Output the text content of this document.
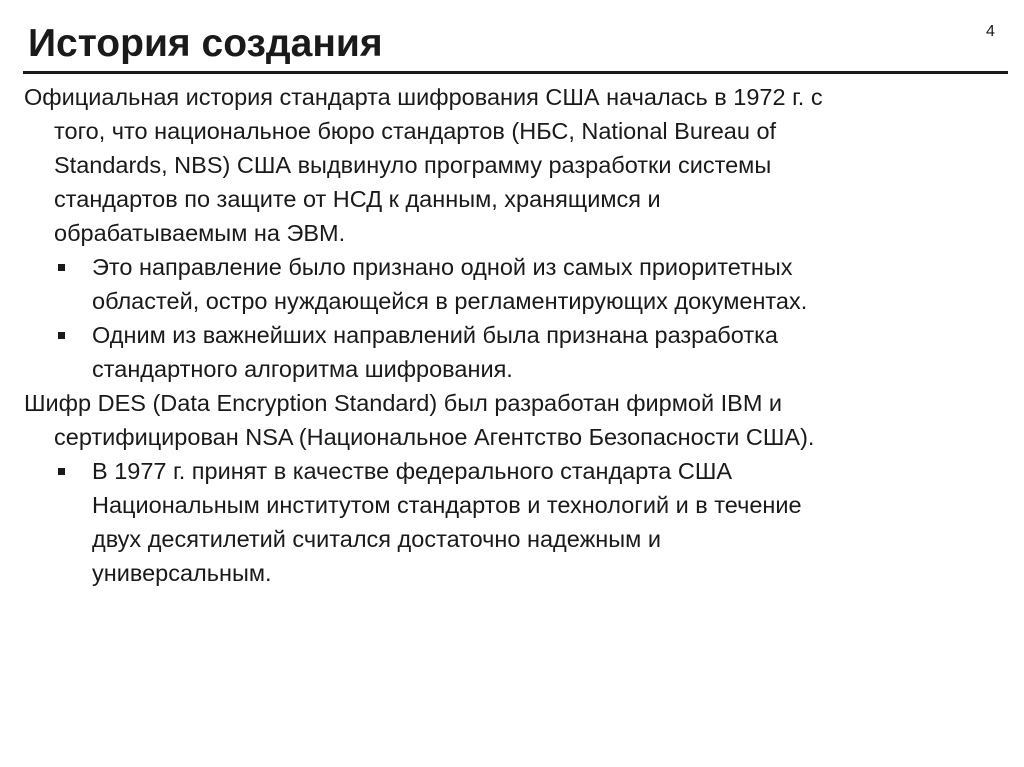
История создания	4

Официальная история стандарта шифрования США началась в 1972 г. с
того, что национальное бюро стандартов (НБС, National Bureau of
Standards, NBS) США выдвинуло программу разработки системы
стандартов по защите от НСД к данным, хранящимся и
обрабатываемым на ЭВМ.

Это направление было признано одной из самых приоритетных
областей, остро нуждающейся в регламентирующих документах.
Одним из важнейших направлений была признана разработка
стандартного алгоритма шифрования.

Шифр DES (Data Encryption Standard) был разработан фирмой IBM и
сертифицирован NSA (Национальное Агентство Безопасности США).

В 1977 г. принят в качестве федерального стандарта США
Национальным институтом стандартов и технологий и в течение
двух десятилетий считался достаточно надежным и
универсальным.
